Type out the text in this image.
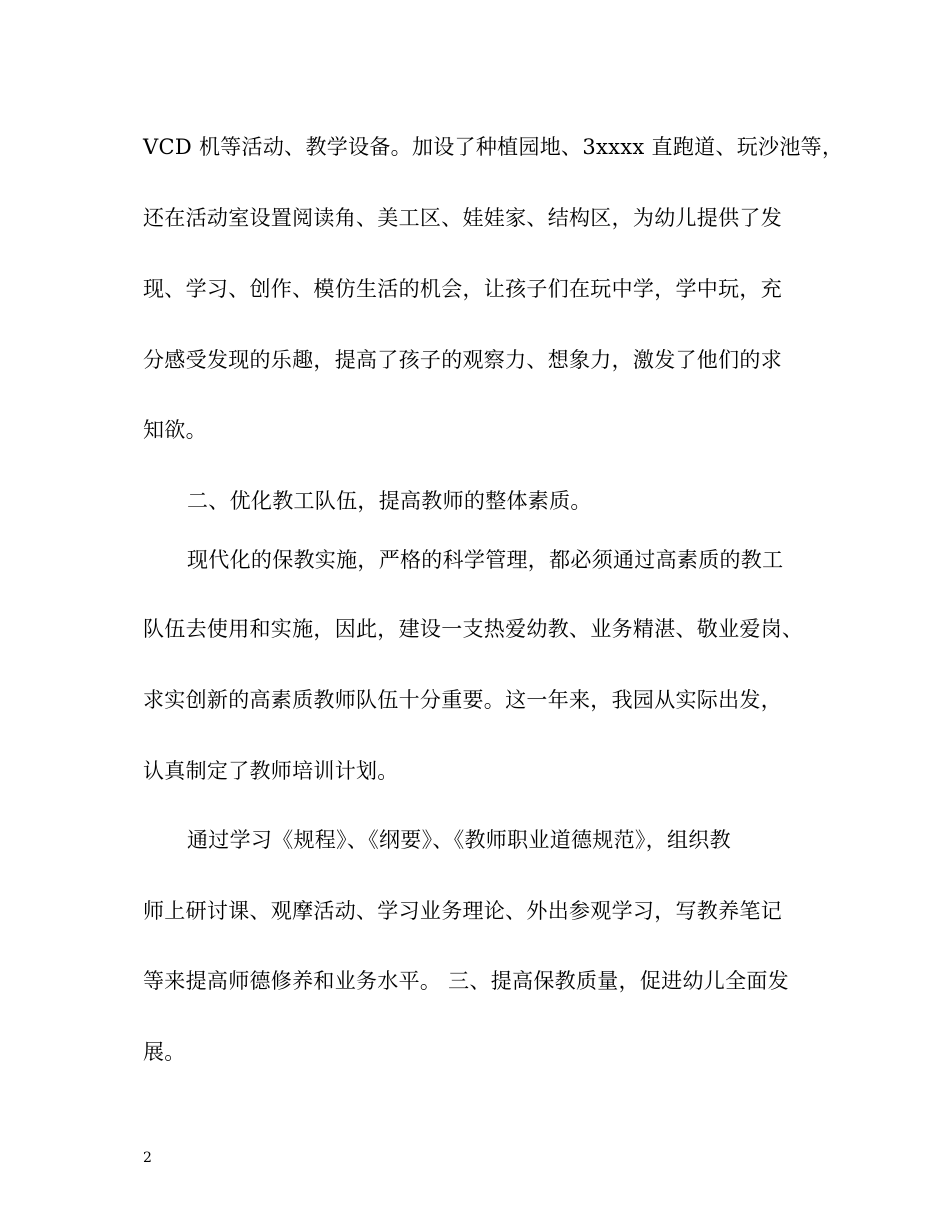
VCD 机等活动、教学设备。加设了种植园地、3xxxx 直跑道、玩沙池等，
还在活动室设置阅读角、美工区、娃娃家、结构区，为幼儿提供了发
现、学习、创作、模仿生活的机会，让孩子们在玩中学，学中玩，充
分感受发现的乐趣，提高了孩子的观察力、想象力，激发了他们的求
知欲。
二、优化教工队伍，提高教师的整体素质。
现代化的保教实施，严格的科学管理，都必须通过高素质的教工
队伍去使用和实施，因此，建设一支热爱幼教、业务精湛、敬业爱岗、
求实创新的高素质教师队伍十分重要。这一年来，我园从实际出发，
认真制定了教师培训计划。
通过学习《规程》、《纲要》、《教师职业道德规范》，组织教
师上研讨课、观摩活动、学习业务理论、外出参观学习，写教养笔记
等来提高师德修养和业务水平。 三、提高保教质量，促进幼儿全面发
展。
2
